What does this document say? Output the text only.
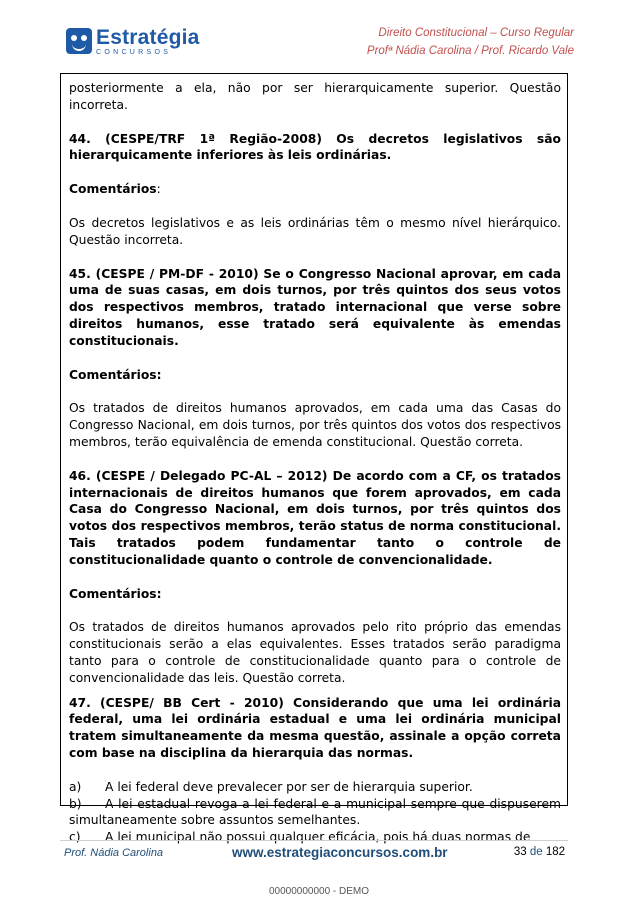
Estratégia
CONCURSOS
Direito Constitucional – Curso Regular
Profª Nádia Carolina / Prof. Ricardo Vale

posteriormente a ela, não por ser hierarquicamente superior. Questão incorreta.

44. (CESPE/TRF 1ª Região-2008) Os decretos legislativos são hierarquicamente inferiores às leis ordinárias.

Comentários:

Os decretos legislativos e as leis ordinárias têm o mesmo nível hierárquico. Questão incorreta.

45. (CESPE / PM-DF - 2010) Se o Congresso Nacional aprovar, em cada uma de suas casas, em dois turnos, por três quintos dos seus votos dos respectivos membros, tratado internacional que verse sobre direitos humanos, esse tratado será equivalente às emendas constitucionais.

Comentários:

Os tratados de direitos humanos aprovados, em cada uma das Casas do Congresso Nacional, em dois turnos, por três quintos dos votos dos respectivos membros, terão equivalência de emenda constitucional. Questão correta.

46. (CESPE / Delegado PC-AL – 2012) De acordo com a CF, os tratados internacionais de direitos humanos que forem aprovados, em cada Casa do Congresso Nacional, em dois turnos, por três quintos dos votos dos respectivos membros, terão status de norma constitucional. Tais tratados podem fundamentar tanto o controle de constitucionalidade quanto o controle de convencionalidade.

Comentários:

Os tratados de direitos humanos aprovados pelo rito próprio das emendas constitucionais serão a elas equivalentes. Esses tratados serão paradigma tanto para o controle de constitucionalidade quanto para o controle de convencionalidade das leis. Questão correta.

47. (CESPE/ BB Cert - 2010) Considerando que uma lei ordinária federal, uma lei ordinária estadual e uma lei ordinária municipal tratem simultaneamente da mesma questão, assinale a opção correta com base na disciplina da hierarquia das normas.

a) A lei federal deve prevalecer por ser de hierarquia superior.

b) A lei estadual revoga a lei federal e a municipal sempre que dispuserem simultaneamente sobre assuntos semelhantes.

c) A lei municipal não possui qualquer eficácia, pois há duas normas de

Prof. Nádia Carolina	www.estrategiaconcursos.com.br	33 de 182
00000000000 - DEMO
